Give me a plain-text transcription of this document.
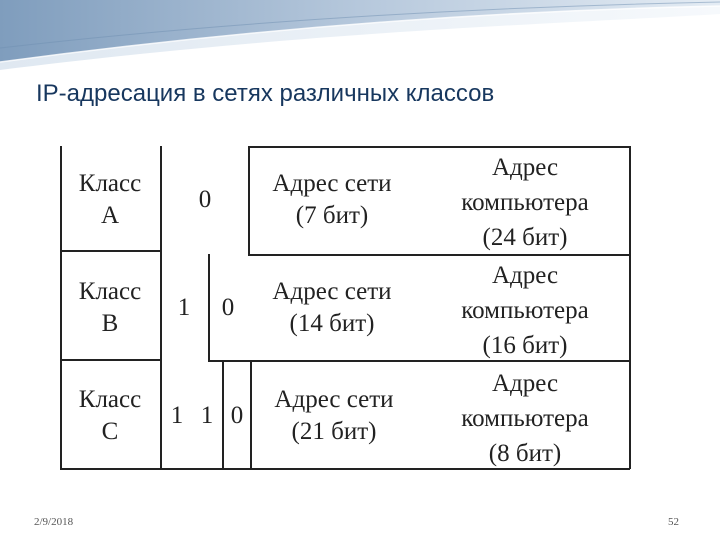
IP-адресация в сетях различных классов
Класс
А
0
Адрес сети
(7 бит)
Адрес
компьютера
(24 бит)
Класс
В
1	0
Адрес сети
(14 бит)
Адрес
компьютера
(16 бит)
Класс
С
1 1 0
Адрес сети
(21 бит)
Адрес
компьютера
(8 бит)
2/9/2018	52
